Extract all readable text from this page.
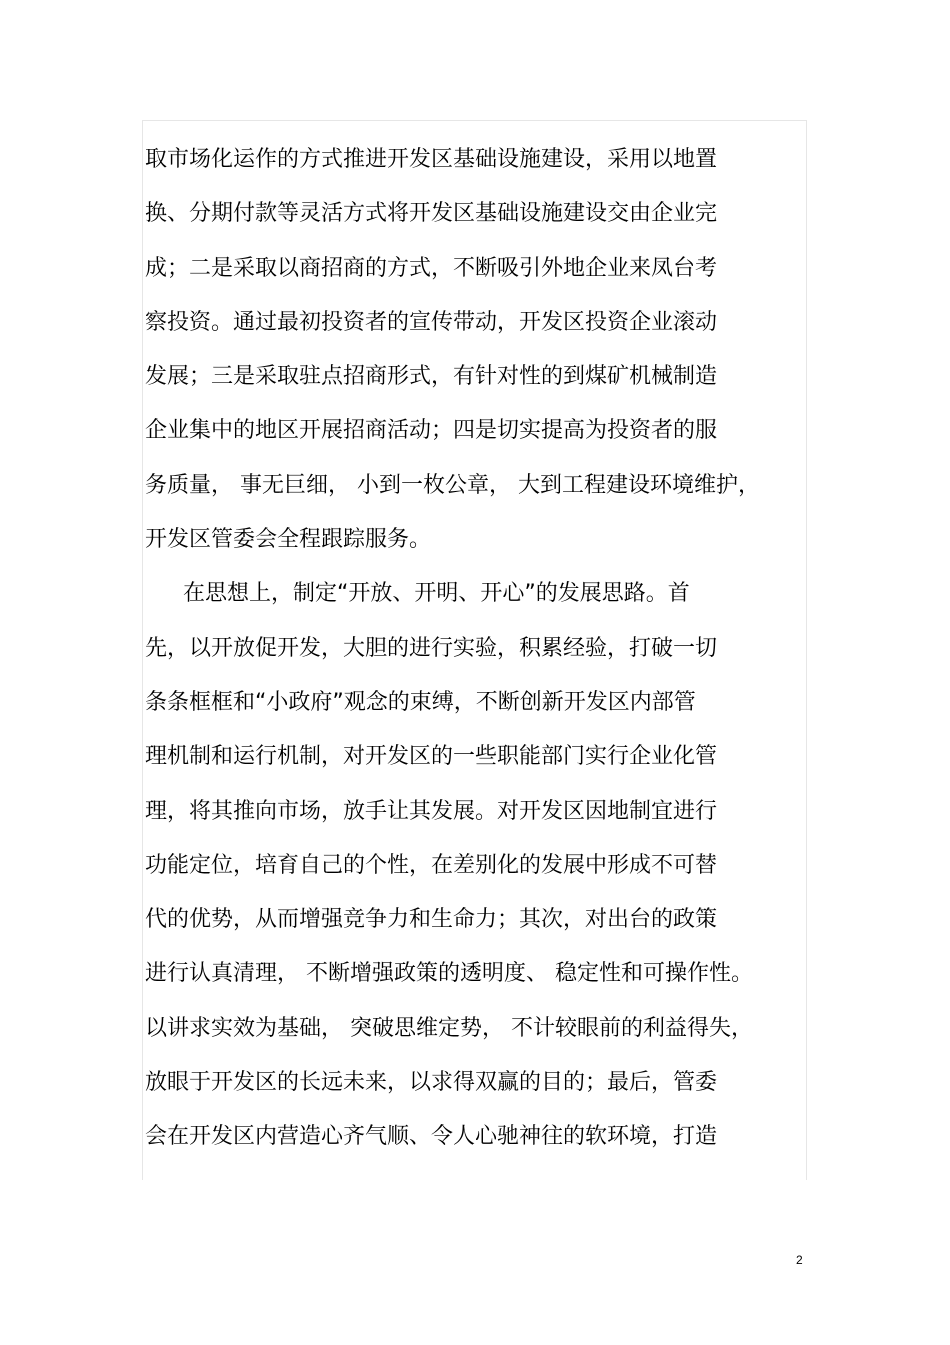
取市场化运作的方式推进开发区基础设施建设，采用以地置
换、分期付款等灵活方式将开发区基础设施建设交由企业完
成；二是采取以商招商的方式，不断吸引外地企业来凤台考
察投资。通过最初投资者的宣传带动，开发区投资企业滚动
发展；三是采取驻点招商形式，有针对性的到煤矿机械制造
企业集中的地区开展招商活动；四是切实提高为投资者的服
务质量， 事无巨细， 小到一枚公章， 大到工程建设环境维护，
开发区管委会全程跟踪服务。
在思想上，制定“开放、开明、开心”的发展思路。首
先，以开放促开发，大胆的进行实验，积累经验，打破一切
条条框框和“小政府”观念的束缚，不断创新开发区内部管
理机制和运行机制，对开发区的一些职能部门实行企业化管
理，将其推向市场，放手让其发展。对开发区因地制宜进行
功能定位，培育自己的个性，在差别化的发展中形成不可替
代的优势，从而增强竞争力和生命力；其次，对出台的政策
进行认真清理， 不断增强政策的透明度、 稳定性和可操作性。
以讲求实效为基础， 突破思维定势， 不计较眼前的利益得失，
放眼于开发区的长远未来，以求得双赢的目的；最后，管委
会在开发区内营造心齐气顺、令人心驰神往的软环境，打造
2
